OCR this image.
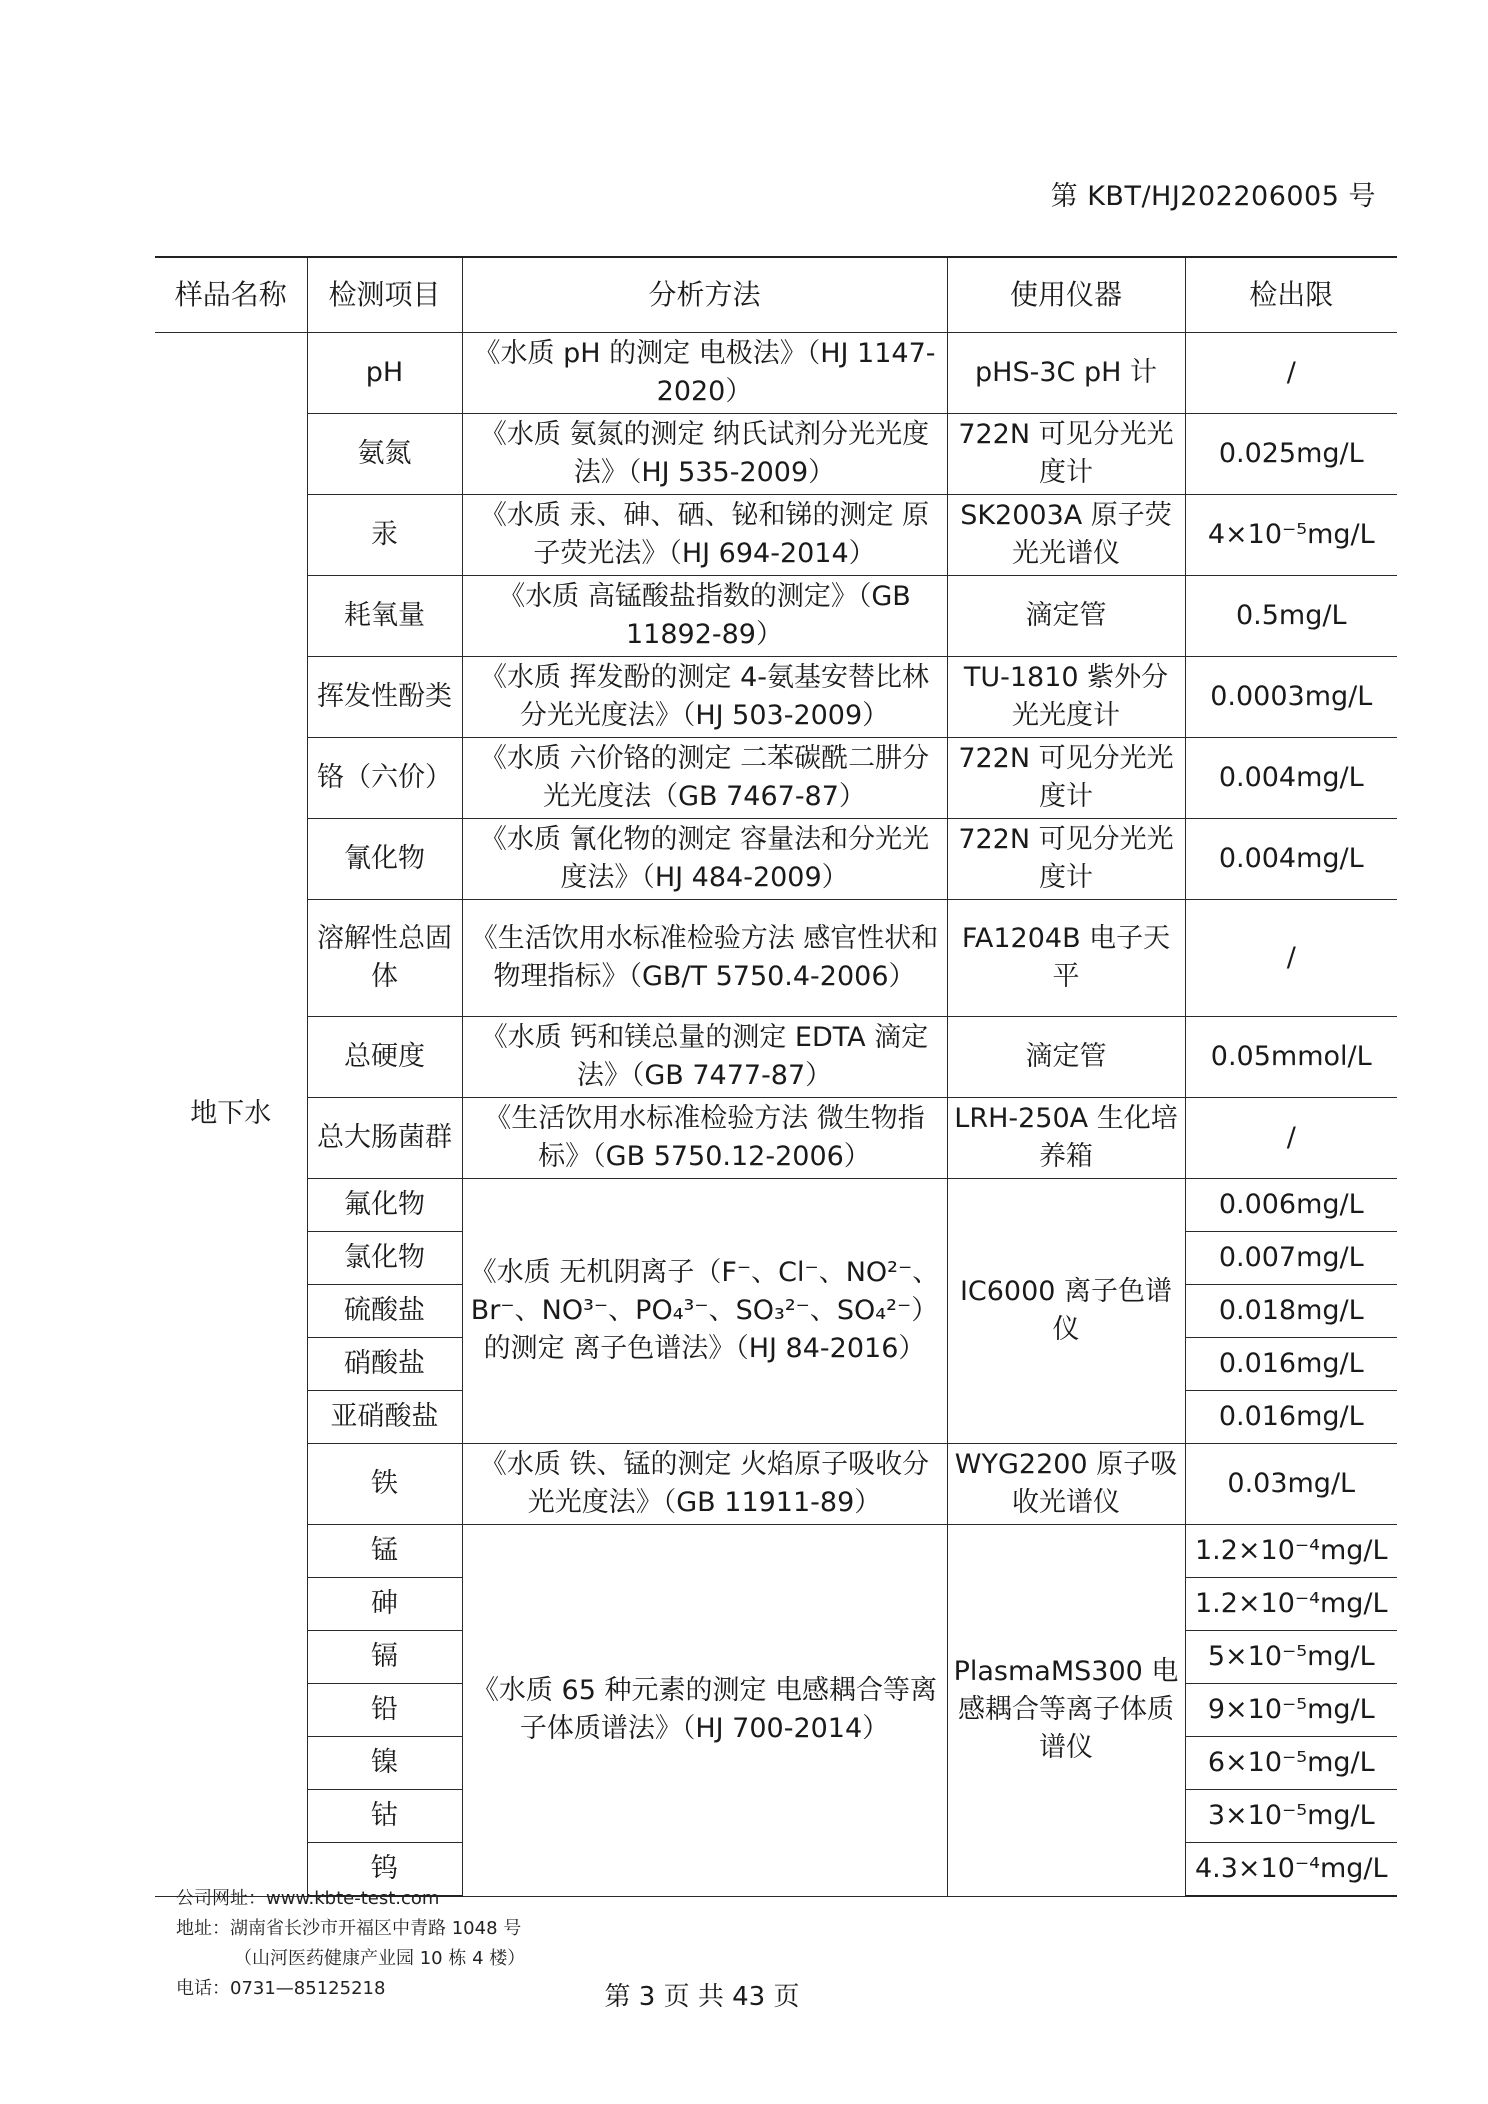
第 KBT/HJ202206005 号
样品名称	检测项目	分析方法	使用仪器	检出限
地下水	pH	《水质 pH 的测定 电极法》（HJ 1147-2020）	pHS-3C pH 计	/
	氨氮	《水质 氨氮的测定 纳氏试剂分光光度法》（HJ 535-2009）	722N 可见分光光度计	0.025mg/L
	汞	《水质 汞、砷、硒、铋和锑的测定 原子荧光法》（HJ 694-2014）	SK2003A 原子荧光光谱仪	4×10⁻⁵mg/L
	耗氧量	《水质 高锰酸盐指数的测定》（GB 11892-89）	滴定管	0.5mg/L
	挥发性酚类	《水质 挥发酚的测定 4-氨基安替比林分光光度法》（HJ 503-2009）	TU-1810 紫外分光光度计	0.0003mg/L
	铬（六价）	《水质 六价铬的测定 二苯碳酰二肼分光光度法（GB 7467-87）	722N 可见分光光度计	0.004mg/L
	氰化物	《水质 氰化物的测定 容量法和分光光度法》（HJ 484-2009）	722N 可见分光光度计	0.004mg/L
	溶解性总固体	《生活饮用水标准检验方法 感官性状和物理指标》（GB/T 5750.4-2006）	FA1204B 电子天平	/
	总硬度	《水质 钙和镁总量的测定 EDTA 滴定法》（GB 7477-87）	滴定管	0.05mmol/L
	总大肠菌群	《生活饮用水标准检验方法 微生物指标》（GB 5750.12-2006）	LRH-250A 生化培养箱	/
	氟化物	《水质 无机阴离子（F⁻、Cl⁻、NO²⁻、Br⁻、NO³⁻、PO₄³⁻、SO₃²⁻、SO₄²⁻）的测定 离子色谱法》（HJ 84-2016）	IC6000 离子色谱仪	0.006mg/L
	氯化物			0.007mg/L
	硫酸盐			0.018mg/L
	硝酸盐			0.016mg/L
	亚硝酸盐			0.016mg/L
	铁	《水质 铁、锰的测定 火焰原子吸收分光光度法》（GB 11911-89）	WYG2200 原子吸收光谱仪	0.03mg/L
	锰	《水质 65 种元素的测定 电感耦合等离子体质谱法》（HJ 700-2014）	PlasmaMS300 电感耦合等离子体质谱仪	1.2×10⁻⁴mg/L
	砷			1.2×10⁻⁴mg/L
	镉			5×10⁻⁵mg/L
	铅			9×10⁻⁵mg/L
	镍			6×10⁻⁵mg/L
	钴			3×10⁻⁵mg/L
	钨			4.3×10⁻⁴mg/L
公司网址：www.kbte-test.com
地址：湖南省长沙市开福区中青路 1048 号
（山河医药健康产业园 10 栋 4 楼）
电话：0731—85125218	第 3 页 共 43 页
